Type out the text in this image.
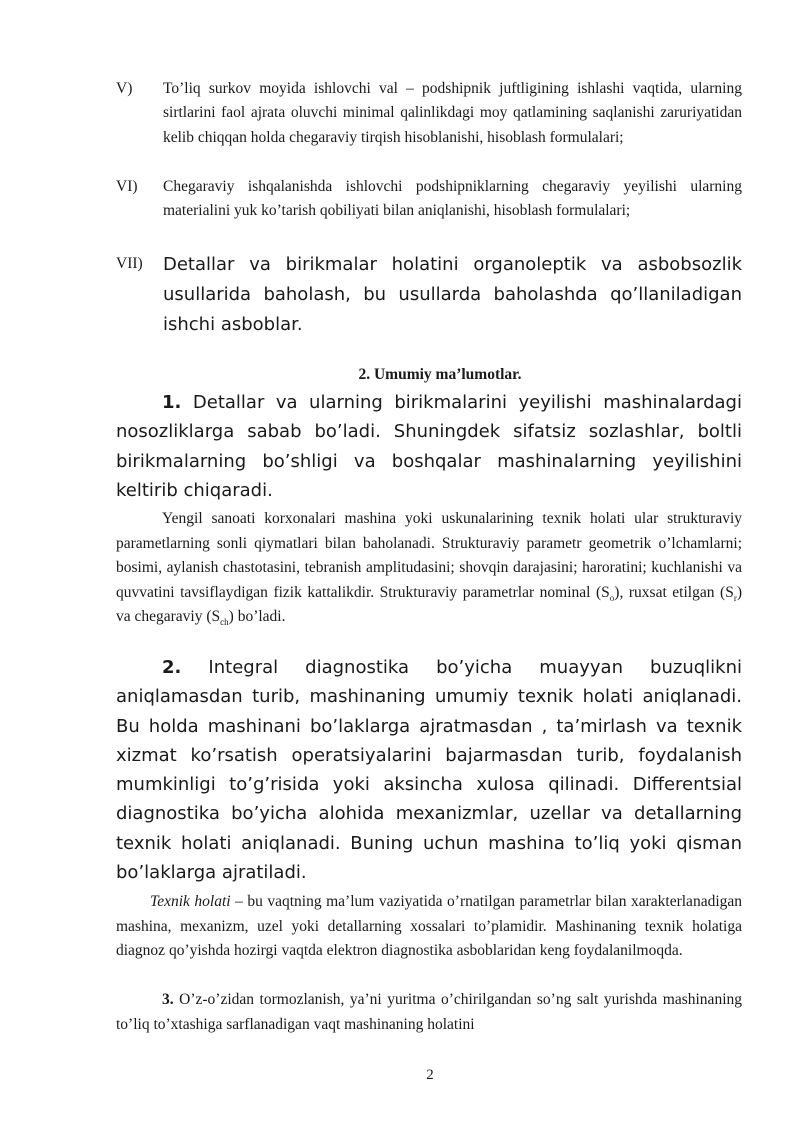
V) To’liq surkov moyida ishlovchi val – podshipnik juftligining ishlashi vaqtida, ularning sirtlarini faol ajrata oluvchi minimal qalinlikdagi moy qatlamining saqlanishi zaruriyatidan kelib chiqqan holda chegaraviy tirqish hisoblanishi, hisoblash formulalari;
VI) Chegaraviy ishqalanishda ishlovchi podshipniklarning chegaraviy yeyilishi ularning materialini yuk ko’tarish qobiliyati bilan aniqlanishi, hisoblash formulalari;
VII) Detallar va birikmalar holatini organoleptik va asbobsozlik usullarida baholash, bu usullarda baholashda qo’llaniladigan ishchi asboblar.
2. Umumiy ma’lumotlar.
1. Detallar va ularning birikmalarini yeyilishi mashinalardagi nosozliklarga sabab bo’ladi. Shuningdek sifatsiz sozlashlar, boltli birikmalarning bo’shligi va boshqalar mashinalarning yeyilishini keltirib chiqaradi.
Yengil sanoati korxonalari mashina yoki uskunalarining texnik holati ular strukturaviy parametlarning sonli qiymatlari bilan baholanadi. Strukturaviy parametr geometrik o’lchamlarni; bosimi, aylanish chastotasini, tebranish amplitudasini; shovqin darajasini; haroratini; kuchlanishi va quvvatini tavsiflaydigan fizik kattalikdir. Strukturaviy parametrlar nominal $(S_o)$, ruxsat etilgan $(S_r)$ va chegaraviy $(S_{ch})$ bo’ladi.
2. Integral diagnostika bo’yicha muayyan buzuqlikni aniqlamasdan turib, mashinaning umumiy texnik holati aniqlanadi. Bu holda mashinani bo’laklarga ajratmasdan , ta’mirlash va texnik xizmat ko’rsatish operatsiyalarini bajarmasdan turib, foydalanish mumkinligi to’g’risida yoki aksincha xulosa qilinadi. Differentsial diagnostika bo’yicha alohida mexanizmlar, uzellar va detallarning texnik holati aniqlanadi. Buning uchun mashina to’liq yoki qisman bo’laklarga ajratiladi.
Texnik holati – bu vaqtning ma’lum vaziyatida o’rnatilgan parametrlar bilan xarakterlanadigan mashina, mexanizm, uzel yoki detallarning xossalari to’plamidir. Mashinaning texnik holatiga diagnoz qo’yishda hozirgi vaqtda elektron diagnostika asboblaridan keng foydalanilmoqda.
3. O’z-o’zidan tormozlanish, ya’ni yuritma o’chirilgandan so’ng salt yurishda mashinaning to’liq to’xtashiga sarflanadigan vaqt mashinaning holatini
2
